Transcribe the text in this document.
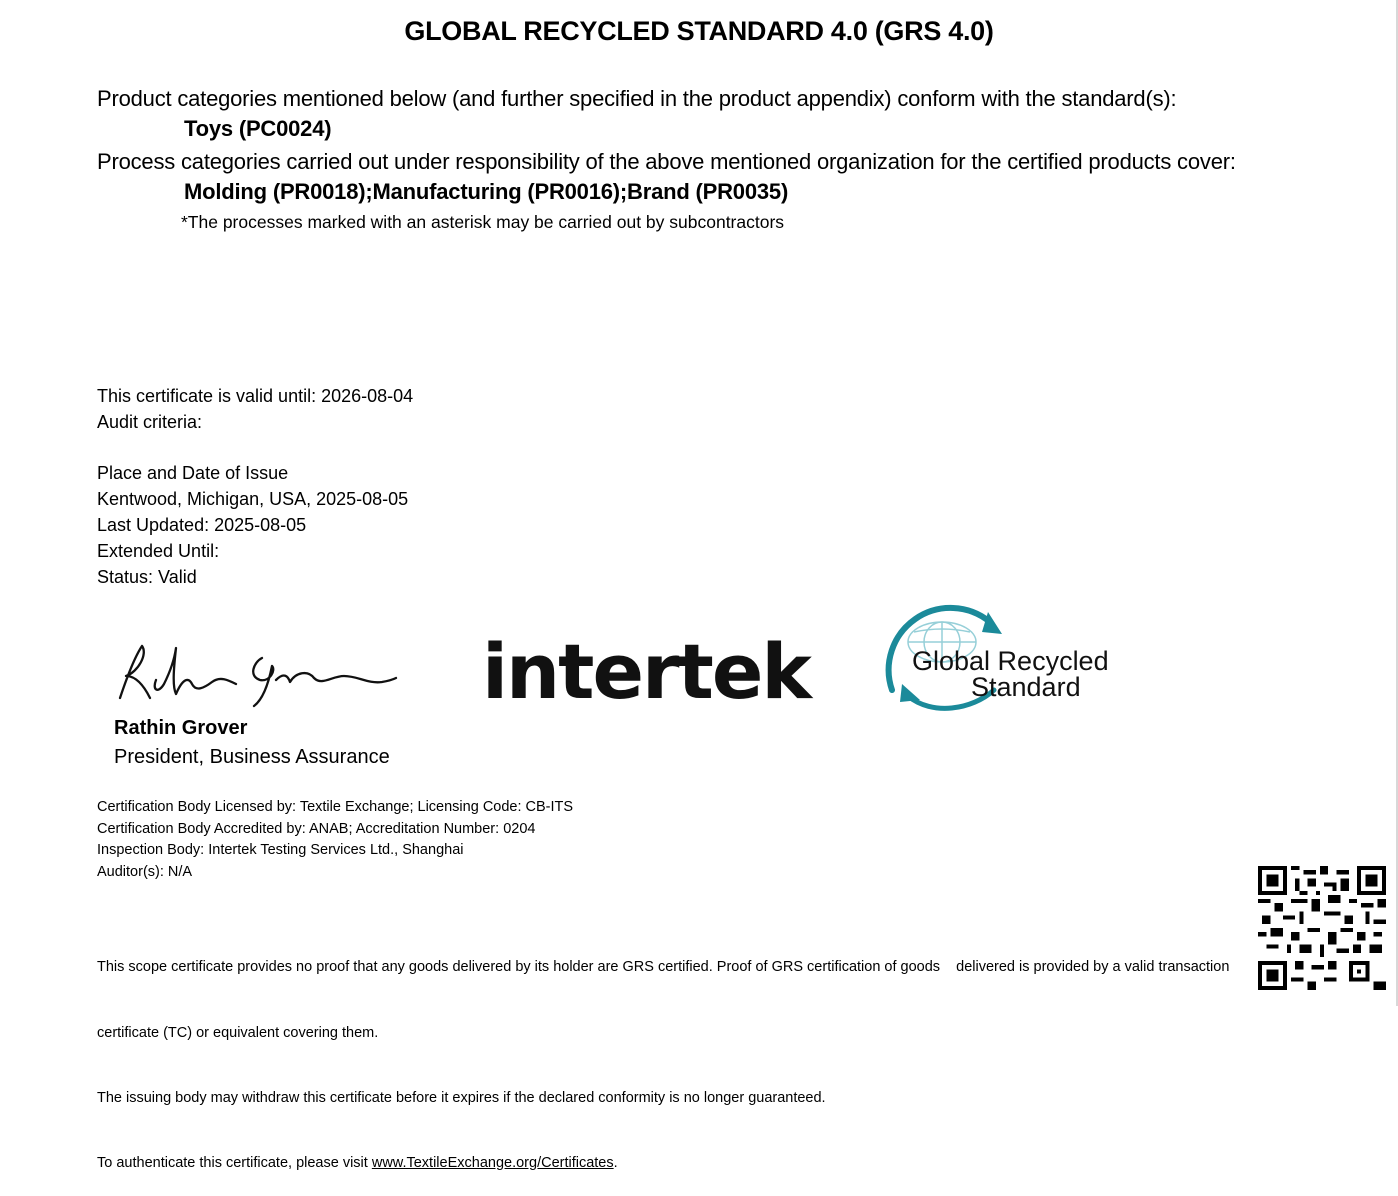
GLOBAL RECYCLED STANDARD 4.0 (GRS 4.0)
Product categories mentioned below (and further specified in the product appendix) conform with the standard(s):
Toys (PC0024)
Process categories carried out under responsibility of the above mentioned organization for the certified products cover:
Molding (PR0018);Manufacturing (PR0016);Brand (PR0035)
*The processes marked with an asterisk may be carried out by subcontractors
This certificate is valid until: 2026-08-04
Audit criteria:
Place and Date of Issue
Kentwood, Michigan, USA, 2025-08-05
Last Updated: 2025-08-05
Extended Until:
Status: Valid
Rathin Grover
President, Business Assurance
intertek	Global Recycled
Standard
Certification Body Licensed by: Textile Exchange; Licensing Code: CB-ITS
Certification Body Accredited by: ANAB; Accreditation Number: 0204
Inspection Body: Intertek Testing Services Ltd., Shanghai
Auditor(s): N/A

This scope certificate provides no proof that any goods delivered by its holder are GRS certified. Proof of GRS certification of goods    delivered is provided by a valid transaction

certificate (TC) or equivalent covering them.

The issuing body may withdraw this certificate before it expires if the declared conformity is no longer guaranteed.

To authenticate this certificate, please visit www.TextileExchange.org/Certificates.
